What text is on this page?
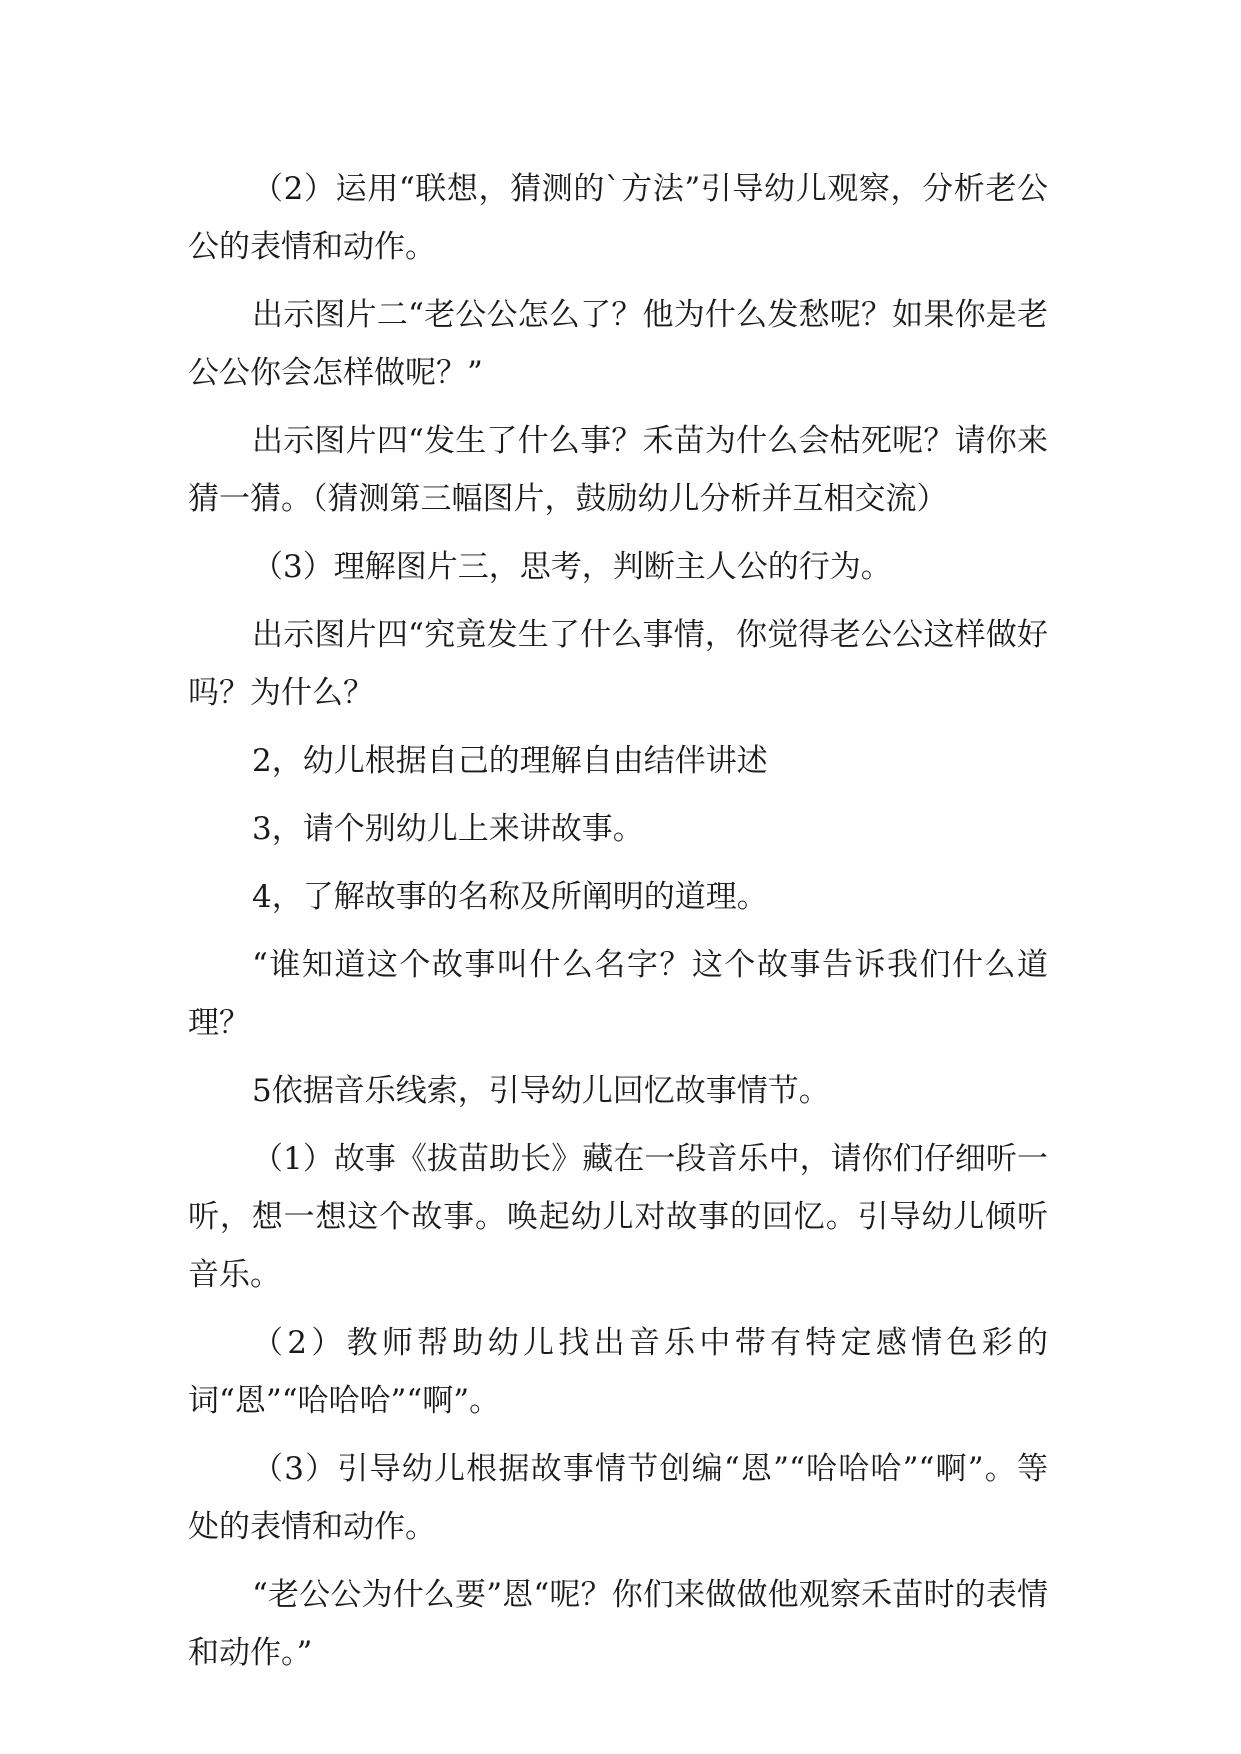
（2）运用“联想，猜测的`方法”引导幼儿观察，分析老公公的表情和动作。

出示图片二“老公公怎么了？他为什么发愁呢？如果你是老公公你会怎样做呢？”

出示图片四“发生了什么事？禾苗为什么会枯死呢？请你来猜一猜。（猜测第三幅图片，鼓励幼儿分析并互相交流）

（3）理解图片三，思考，判断主人公的行为。

出示图片四“究竟发生了什么事情，你觉得老公公这样做好吗？为什么？

2，幼儿根据自己的理解自由结伴讲述

3，请个别幼儿上来讲故事。

4，了解故事的名称及所阐明的道理。

“谁知道这个故事叫什么名字？这个故事告诉我们什么道理？

5依据音乐线索，引导幼儿回忆故事情节。

（1）故事《拔苗助长》藏在一段音乐中，请你们仔细听一听，想一想这个故事。唤起幼儿对故事的回忆。引导幼儿倾听音乐。

（2）教师帮助幼儿找出音乐中带有特定感情色彩的词“恩”“哈哈哈”“啊”。

（3）引导幼儿根据故事情节创编“恩”“哈哈哈”“啊”。等处的表情和动作。

“老公公为什么要”恩“呢？你们来做做他观察禾苗时的表情和动作。”
